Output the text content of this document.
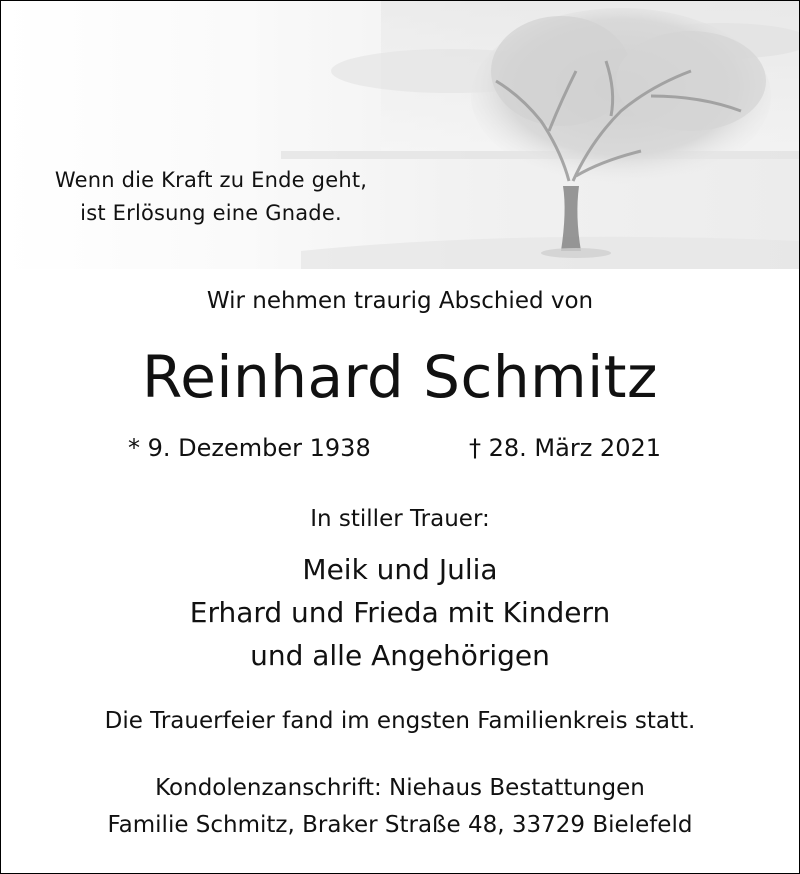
Wenn die Kraft zu Ende geht,
ist Erlösung eine Gnade.
Wir nehmen traurig Abschied von
Reinhard Schmitz
* 9. Dezember 1938	† 28. März 2021
In stiller Trauer:
Meik und Julia
Erhard und Frieda mit Kindern
und alle Angehörigen
Die Trauerfeier fand im engsten Familienkreis statt.
Kondolenzanschrift: Niehaus Bestattungen
Familie Schmitz, Braker Straße 48, 33729 Bielefeld
